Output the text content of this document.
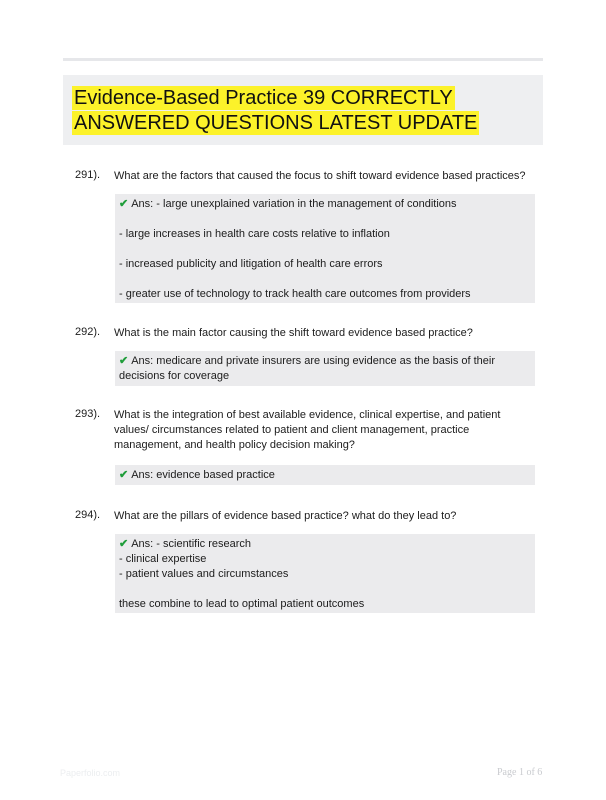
Evidence-Based Practice 39 CORRECTLY
ANSWERED QUESTIONS LATEST UPDATE

291). What are the factors that caused the focus to shift toward evidence based practices?
✔ Ans: - large unexplained variation in the management of conditions

- large increases in health care costs relative to inflation

- increased publicity and litigation of health care errors

- greater use of technology to track health care outcomes from providers
292). What is the main factor causing the shift toward evidence based practice?
✔ Ans: medicare and private insurers are using evidence as the basis of their decisions for coverage
293). What is the integration of best available evidence, clinical expertise, and patient values/ circumstances related to patient and client management, practice management, and health policy decision making?
✔ Ans: evidence based practice
294). What are the pillars of evidence based practice? what do they lead to?
✔ Ans: - scientific research
- clinical expertise
- patient values and circumstances

these combine to lead to optimal patient outcomes
Paperfolio.com	Page 1 of 6
